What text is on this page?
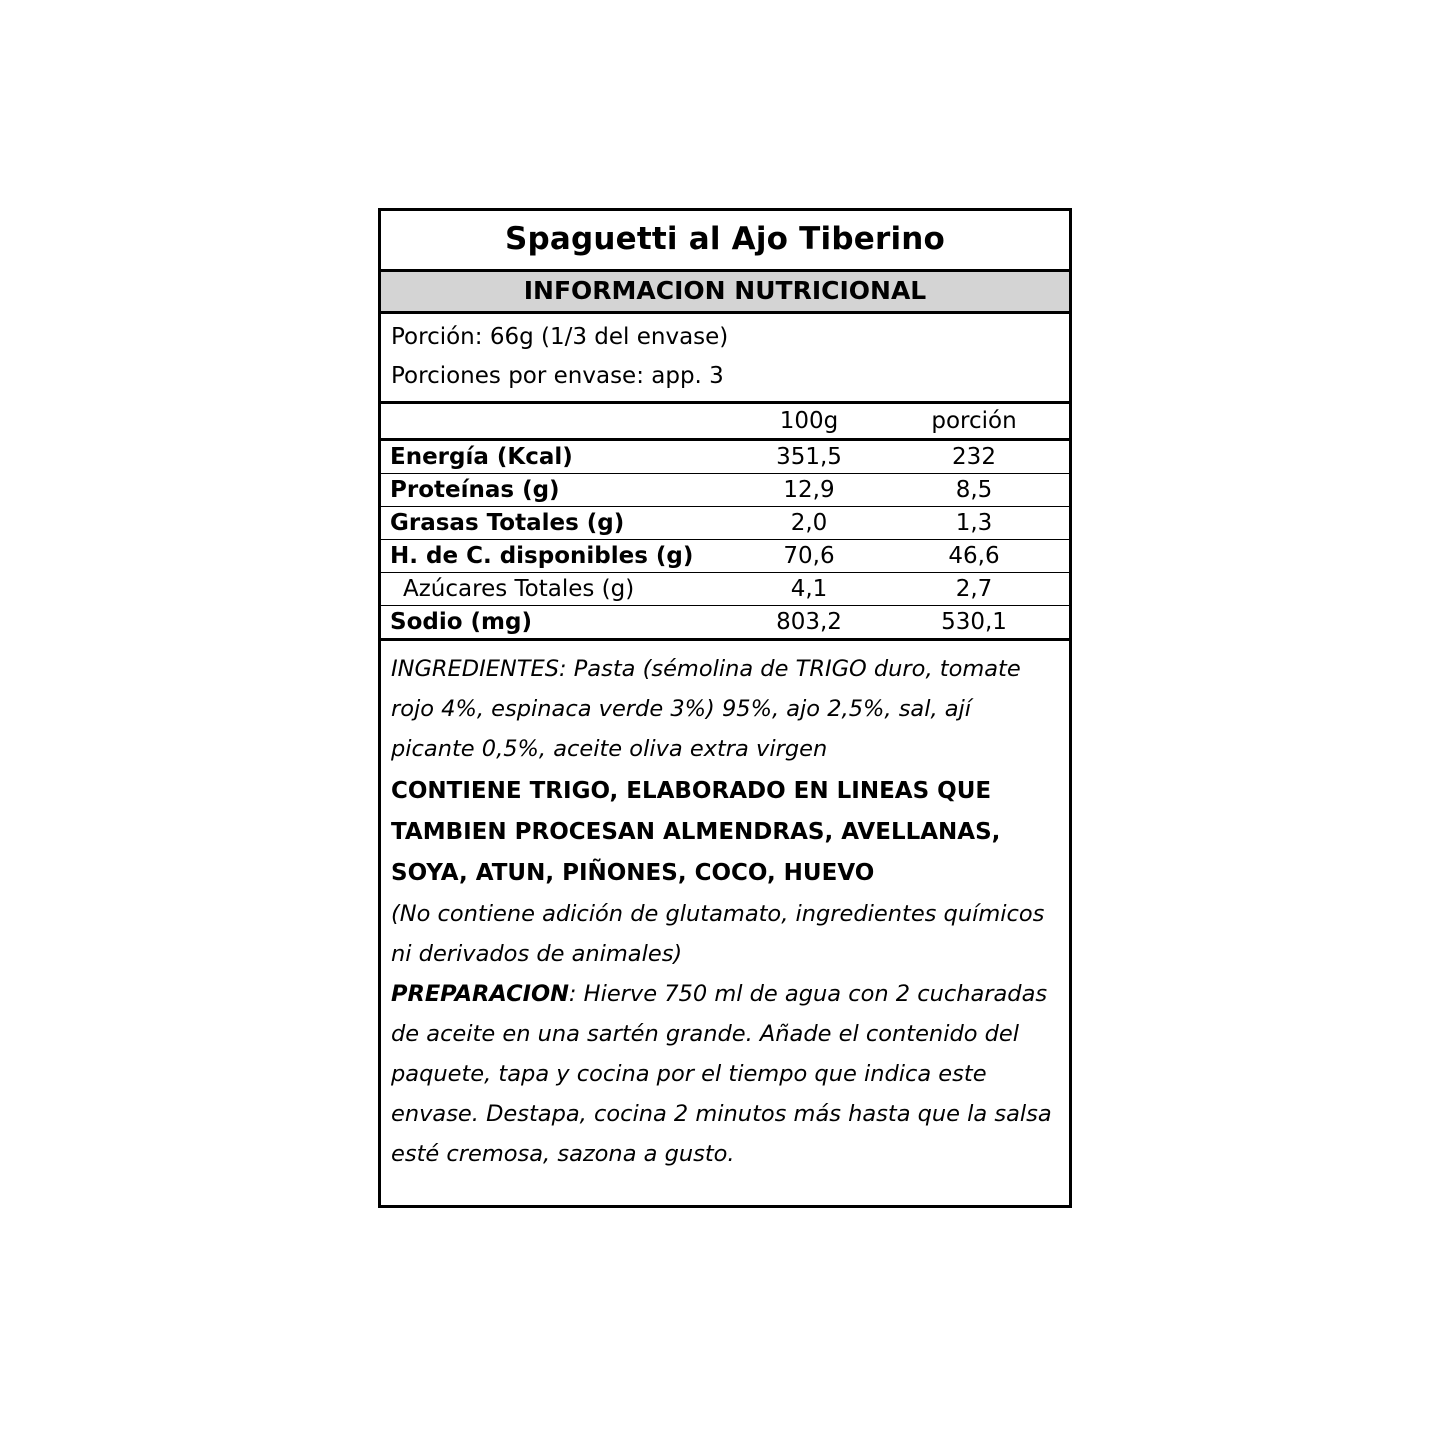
Spaguetti al Ajo Tiberino
INFORMACION NUTRICIONAL
Porción: 66g (1/3 del envase)
Porciones por envase: app. 3
100g	porción
Energía (Kcal)	351,5	232
Proteínas (g)	12,9	8,5
Grasas Totales (g)	2,0	1,3
H. de C. disponibles (g)	70,6	46,6
Azúcares Totales (g)	4,1	2,7
Sodio (mg)	803,2	530,1
INGREDIENTES: Pasta (sémolina de TRIGO duro, tomate rojo 4%, espinaca verde 3%) 95%, ajo 2,5%, sal, ají picante 0,5%, aceite oliva extra virgen
CONTIENE TRIGO, ELABORADO EN LINEAS QUE TAMBIEN PROCESAN ALMENDRAS, AVELLANAS, SOYA, ATUN, PIÑONES, COCO, HUEVO
(No contiene adición de glutamato, ingredientes químicos ni derivados de animales)
PREPARACION: Hierve 750 ml de agua con 2 cucharadas de aceite en una sartén grande. Añade el contenido del paquete, tapa y cocina por el tiempo que indica este envase. Destapa, cocina 2 minutos más hasta que la salsa esté cremosa, sazona a gusto.
